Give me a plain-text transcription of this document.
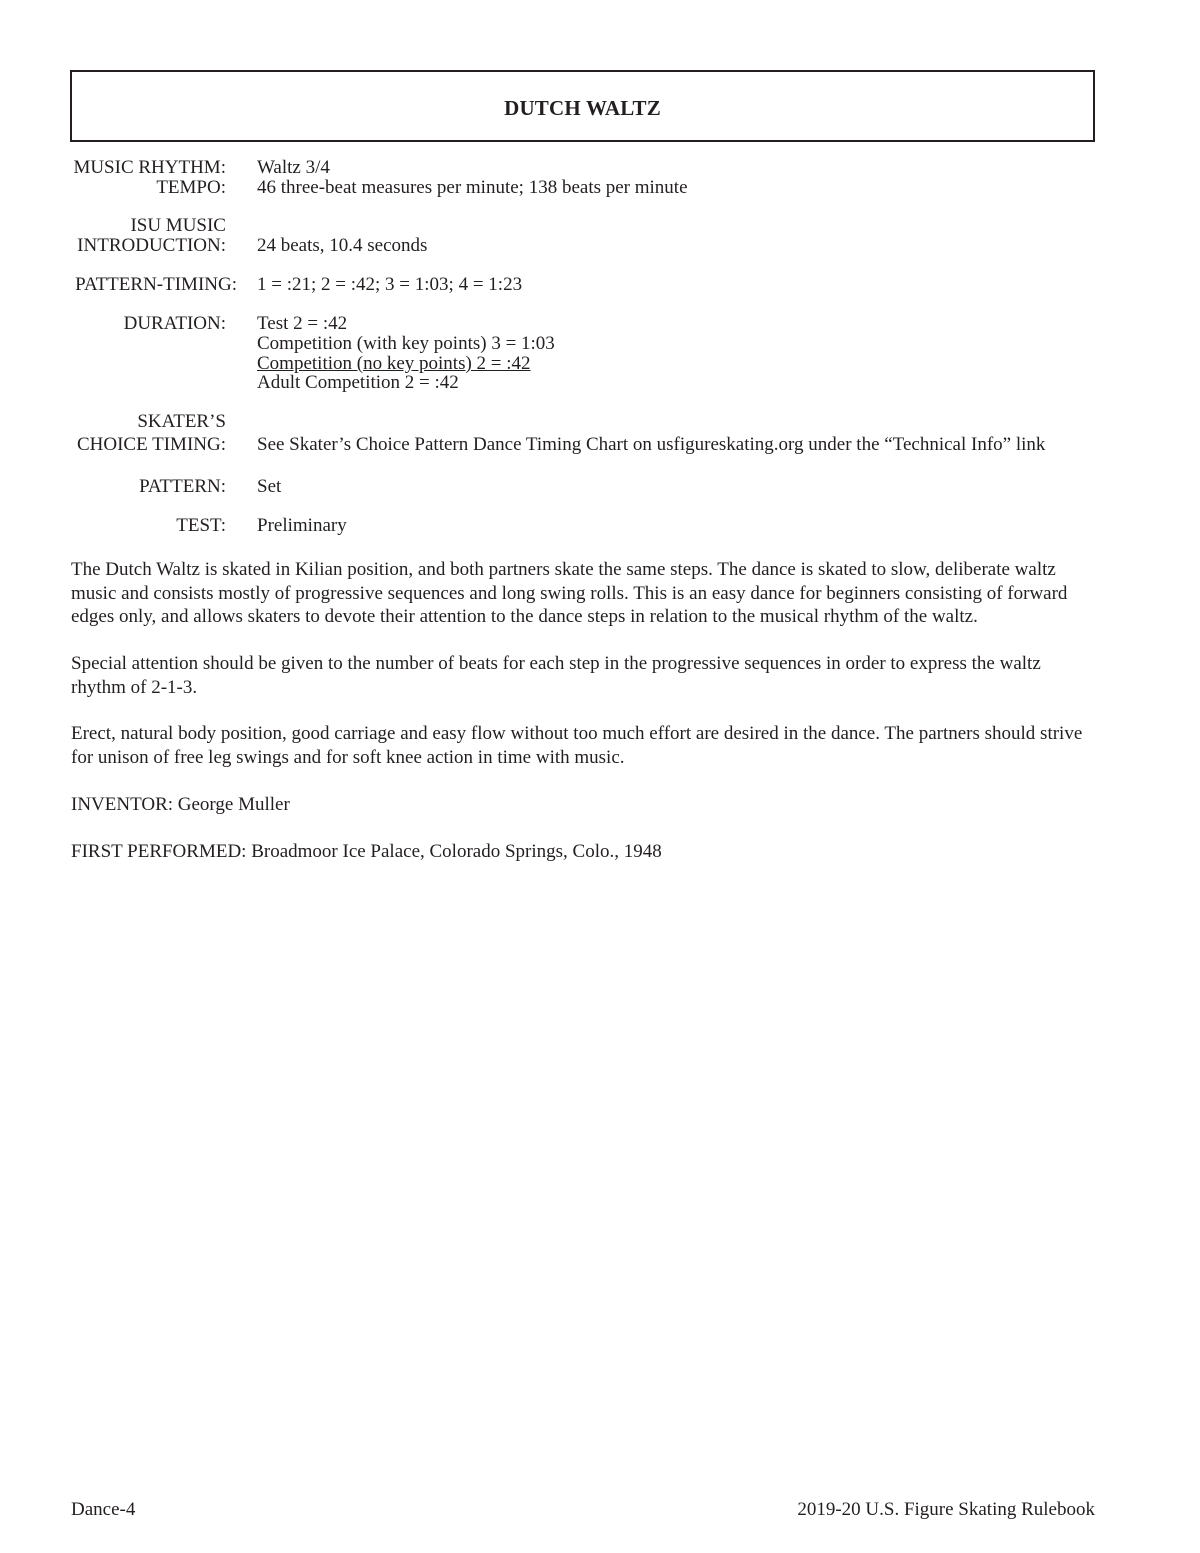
DUTCH WALTZ
MUSIC RHYTHM: Waltz 3/4
TEMPO: 46 three-beat measures per minute; 138 beats per minute
ISU MUSIC
INTRODUCTION: 24 beats, 10.4 seconds
PATTERN-TIMING: 1 = :21; 2 = :42; 3 = 1:03; 4 = 1:23
DURATION: Test 2 = :42
Competition (with key points) 3 = 1:03
Competition (no key points) 2 = :42
Adult Competition 2 = :42
SKATER’S
CHOICE TIMING: See Skater’s Choice Pattern Dance Timing Chart on usfigureskating.org under the “Technical Info” link
PATTERN: Set
TEST: Preliminary

The Dutch Waltz is skated in Kilian position, and both partners skate the same steps. The dance is skated to slow, deliberate waltz music and consists mostly of progressive sequences and long swing rolls. This is an easy dance for beginners consisting of forward edges only, and allows skaters to devote their attention to the dance steps in relation to the musical rhythm of the waltz.

Special attention should be given to the number of beats for each step in the progressive sequences in order to express the waltz rhythm of 2-1-3.

Erect, natural body position, good carriage and easy flow without too much effort are desired in the dance. The partners should strive for unison of free leg swings and for soft knee action in time with music.

INVENTOR: George Muller

FIRST PERFORMED: Broadmoor Ice Palace, Colorado Springs, Colo., 1948

Dance-4	2019-20 U.S. Figure Skating Rulebook
